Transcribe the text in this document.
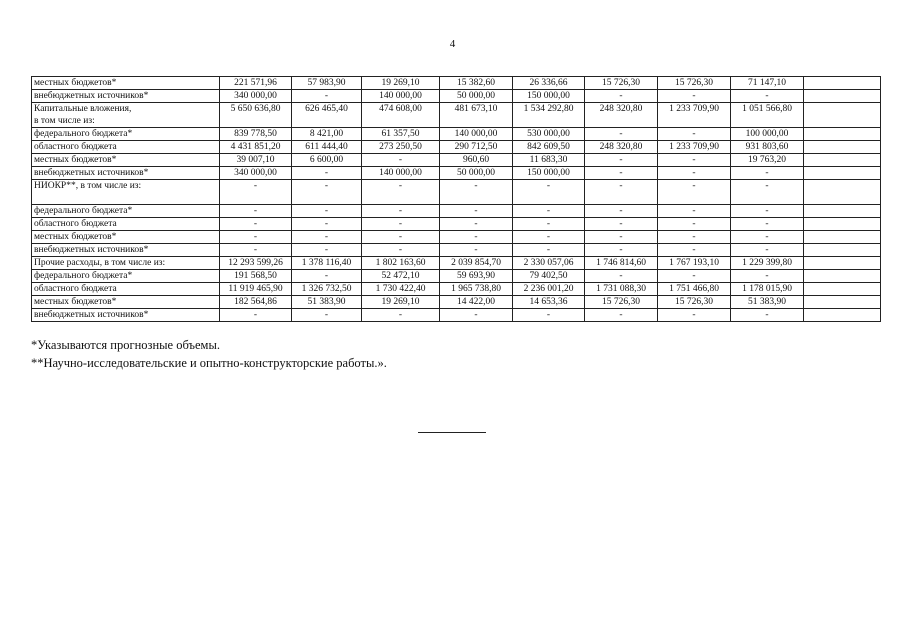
4
местных бюджетов*	221 571,96	57 983,90	19 269,10	15 382,60	26 336,66	15 726,30	15 726,30	71 147,10	

внебюджетных источников*	340 000,00	-	140 000,00	50 000,00	150 000,00	-	-	-	

Капитальные вложения,
в том числе из:	5 650 636,80	626 465,40	474 608,00	481 673,10	1 534 292,80	248 320,80	1 233 709,90	1 051 566,80	

федерального бюджета*	839 778,50	8 421,00	61 357,50	140 000,00	530 000,00	-	-	100 000,00	

областного бюджета	4 431 851,20	611 444,40	273 250,50	290 712,50	842 609,50	248 320,80	1 233 709,90	931 803,60	

местных бюджетов*	39 007,10	6 600,00	-	960,60	11 683,30	-	-	19 763,20	

внебюджетных источников*	340 000,00	-	140 000,00	50 000,00	150 000,00	-	-	-	

НИОКР**, в том числе из:	-	-	-	-	-	-	-	-	

федерального бюджета*	-	-	-	-	-	-	-	-	

областного бюджета	-	-	-	-	-	-	-	-	

местных бюджетов*	-	-	-	-	-	-	-	-	

внебюджетных источников*	-	-	-	-	-	-	-	-	

Прочие расходы, в том числе из:	12 293 599,26	1 378 116,40	1 802 163,60	2 039 854,70	2 330 057,06	1 746 814,60	1 767 193,10	1 229 399,80	

федерального бюджета*	191 568,50	-	52 472,10	59 693,90	79 402,50	-	-	-	

областного бюджета	11 919 465,90	1 326 732,50	1 730 422,40	1 965 738,80	2 236 001,20	1 731 088,30	1 751 466,80	1 178 015,90	

местных бюджетов*	182 564,86	51 383,90	19 269,10	14 422,00	14 653,36	15 726,30	15 726,30	51 383,90	

внебюджетных источников*	-	-	-	-	-	-	-	-	
*Указываются прогнозные объемы.
**Научно-исследовательские и опытно-конструкторские работы.».
